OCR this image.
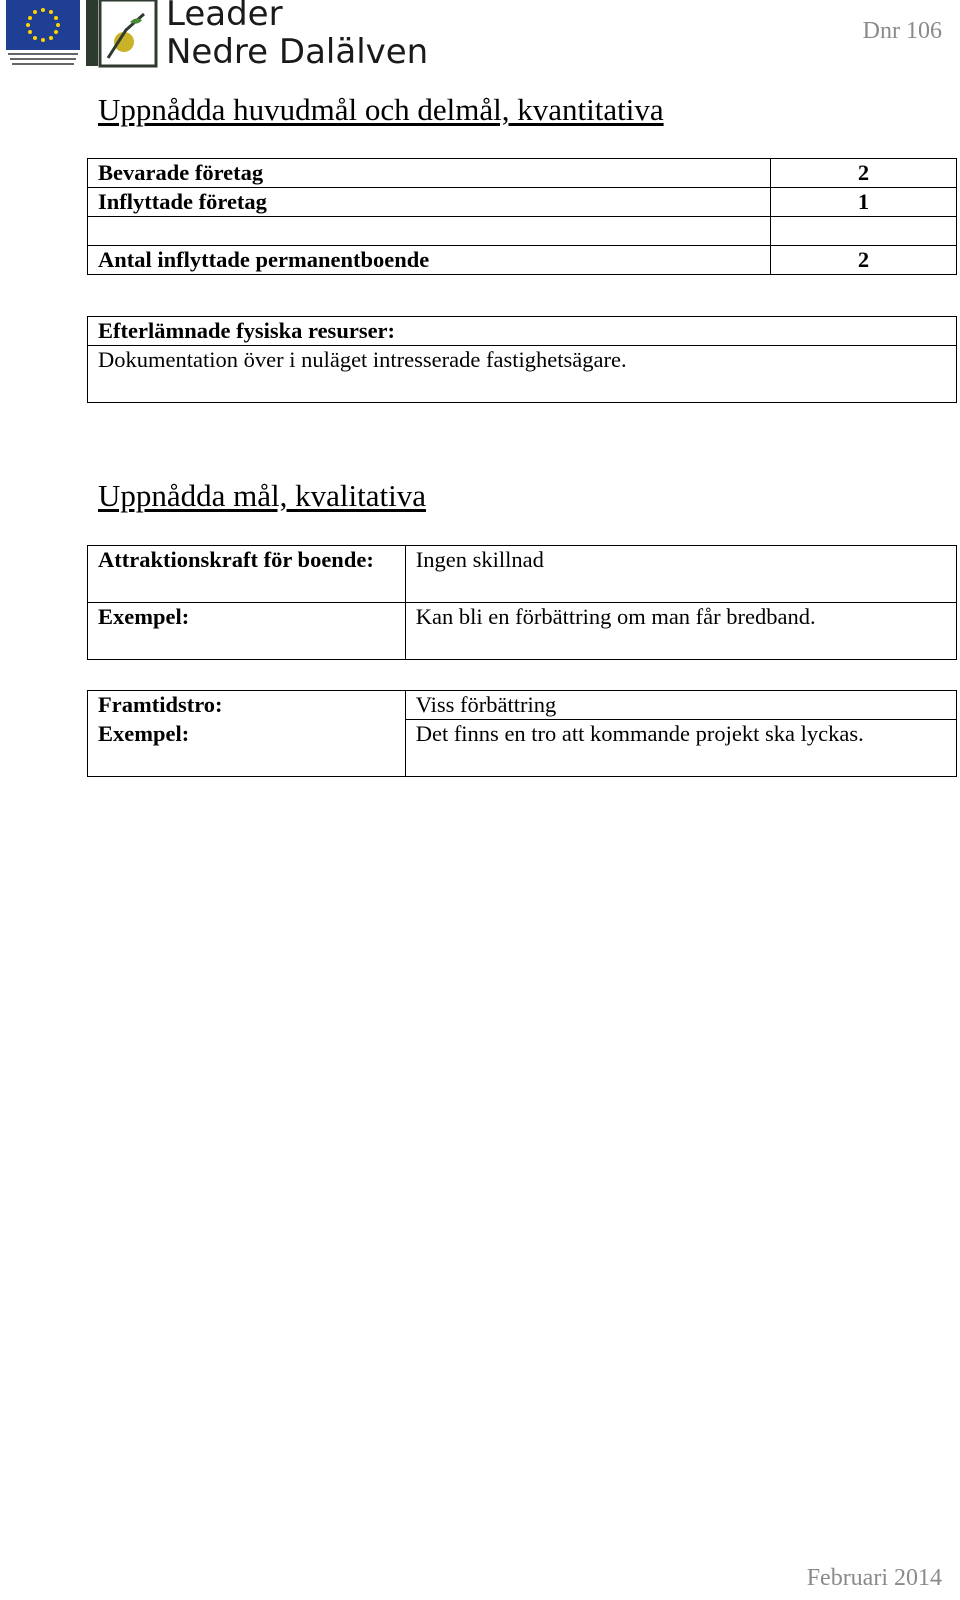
Leader
Nedre Dalälven
Dnr 106
Uppnådda huvudmål och delmål, kvantitativa
Bevarade företag	2
Inflyttade företag	1

Antal inflyttade permanentboende	2
Efterlämnade fysiska resurser:
Dokumentation över i nuläget intresserade fastighetsägare.
Uppnådda mål, kvalitativa
Attraktionskraft för boende:	Ingen skillnad
Exempel:	Kan bli en förbättring om man får bredband.
Framtidstro:	Viss förbättring
Exempel:	Det finns en tro att kommande projekt ska lyckas.
Februari 2014
